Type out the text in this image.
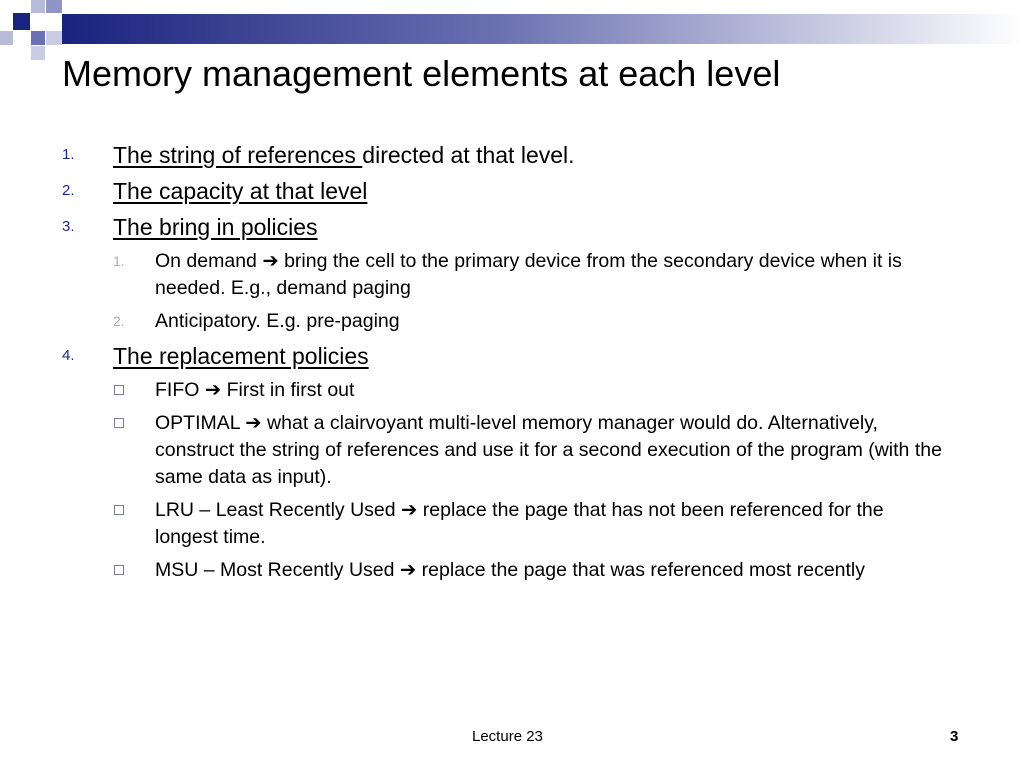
Memory management elements at each level
1. The string of references directed at that level.
2. The capacity at that level
3. The bring in policies
1. On demand ➔ bring the cell to the primary device from the secondary device when it is needed. E.g., demand paging
2. Anticipatory. E.g. pre-paging
4. The replacement policies
FIFO ➔ First in first out
OPTIMAL ➔ what a clairvoyant multi-level memory manager would do. Alternatively, construct the string of references and use it for a second execution of the program (with the same data as input).
LRU – Least Recently Used ➔ replace the page that has not been referenced for the longest time.
MSU – Most Recently Used ➔ replace the page that was referenced most recently
Lecture 23	3
